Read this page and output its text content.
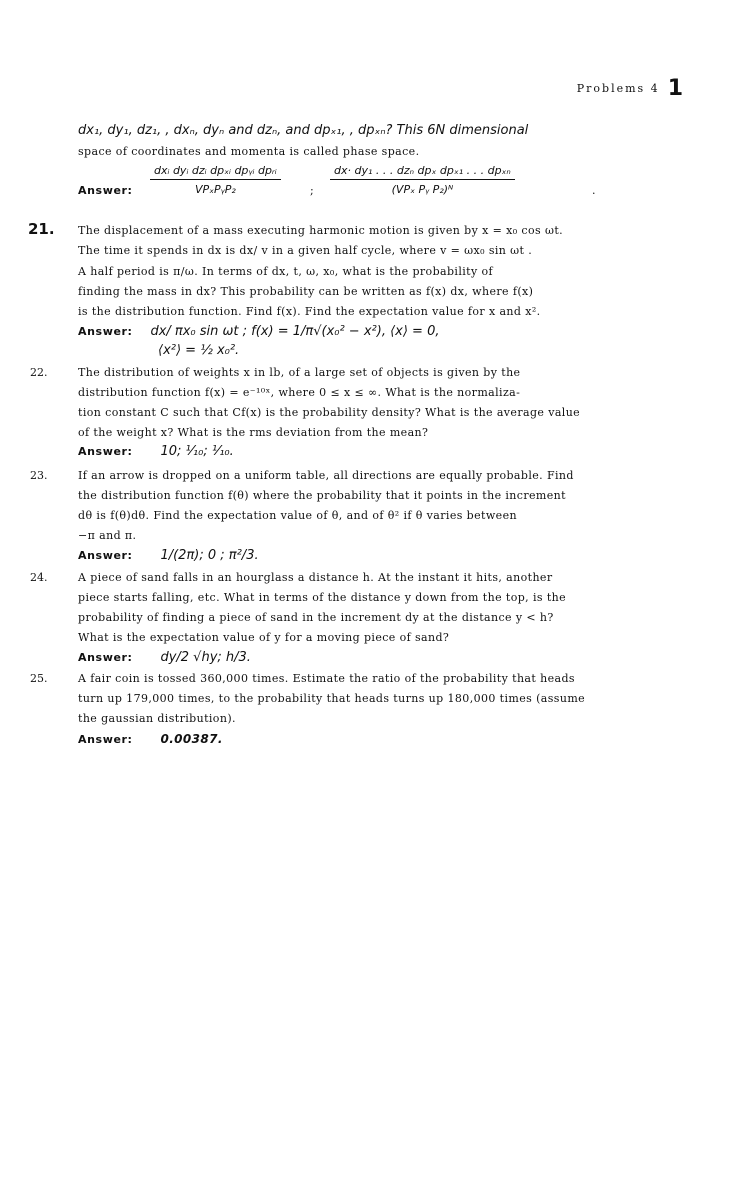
Problems 4 1
dx₁, dy₁, dz₁, , dxₙ, dyₙ and dzₙ, and dpₓ₁, , dpₓₙ? This 6N dimensional
space of coordinates and momenta is called phase space.
Answer:
dxᵢ dyᵢ dzᵢ dpₓᵢ dpᵧᵢ dpᵣᵢ
VPₓPᵧP₂	;
dx· dy₁ . . . dzₙ dpₓ dpₓ₁ . . . dpₓₙ
(VPₓ Pᵧ P₂)ᴺ	.
21. The displacement of a mass executing harmonic motion is given by x = x₀ cos ωt.
The time it spends in dx is dx/ v in a given half cycle, where v = ωx₀ sin ωt .
A half period is π/ω. In terms of dx, t, ω, x₀, what is the probability of
finding the mass in dx? This probability can be written as f(x) dx, where f(x)
is the distribution function. Find f(x). Find the expectation value for x and x².
Answer: dx/ πx₀ sin ωt ; f(x) = 1/π√(x₀² − x²), ⟨x⟩ = 0,
⟨x²⟩ = ½ x₀².
22.	The distribution of weights x in lb, of a large set of objects is given by the
distribution function f(x) = e⁻¹⁰ˣ, where 0 ≤ x ≤ ∞. What is the normaliza-
tion constant C such that Cf(x) is the probability density? What is the average value
of the weight x? What is the rms deviation from the mean?
Answer: 10; ¹⁄₁₀; ¹⁄₁₀.
23.	If an arrow is dropped on a uniform table, all directions are equally probable. Find
the distribution function f(θ) where the probability that it points in the increment
dθ is f(θ)dθ. Find the expectation value of θ, and of θ² if θ varies between
−π and π.
Answer: 1/(2π); 0 ; π²/3.
24.	A piece of sand falls in an hourglass a distance h. At the instant it hits, another
piece starts falling, etc. What in terms of the distance y down from the top, is the
probability of finding a piece of sand in the increment dy at the distance y < h?
What is the expectation value of y for a moving piece of sand?
Answer: dy/2 √hy; h/3.
25.	A fair coin is tossed 360,000 times. Estimate the ratio of the probability that heads
turn up 179,000 times, to the probability that heads turns up 180,000 times (assume
the gaussian distribution).
Answer: 0.00387.
